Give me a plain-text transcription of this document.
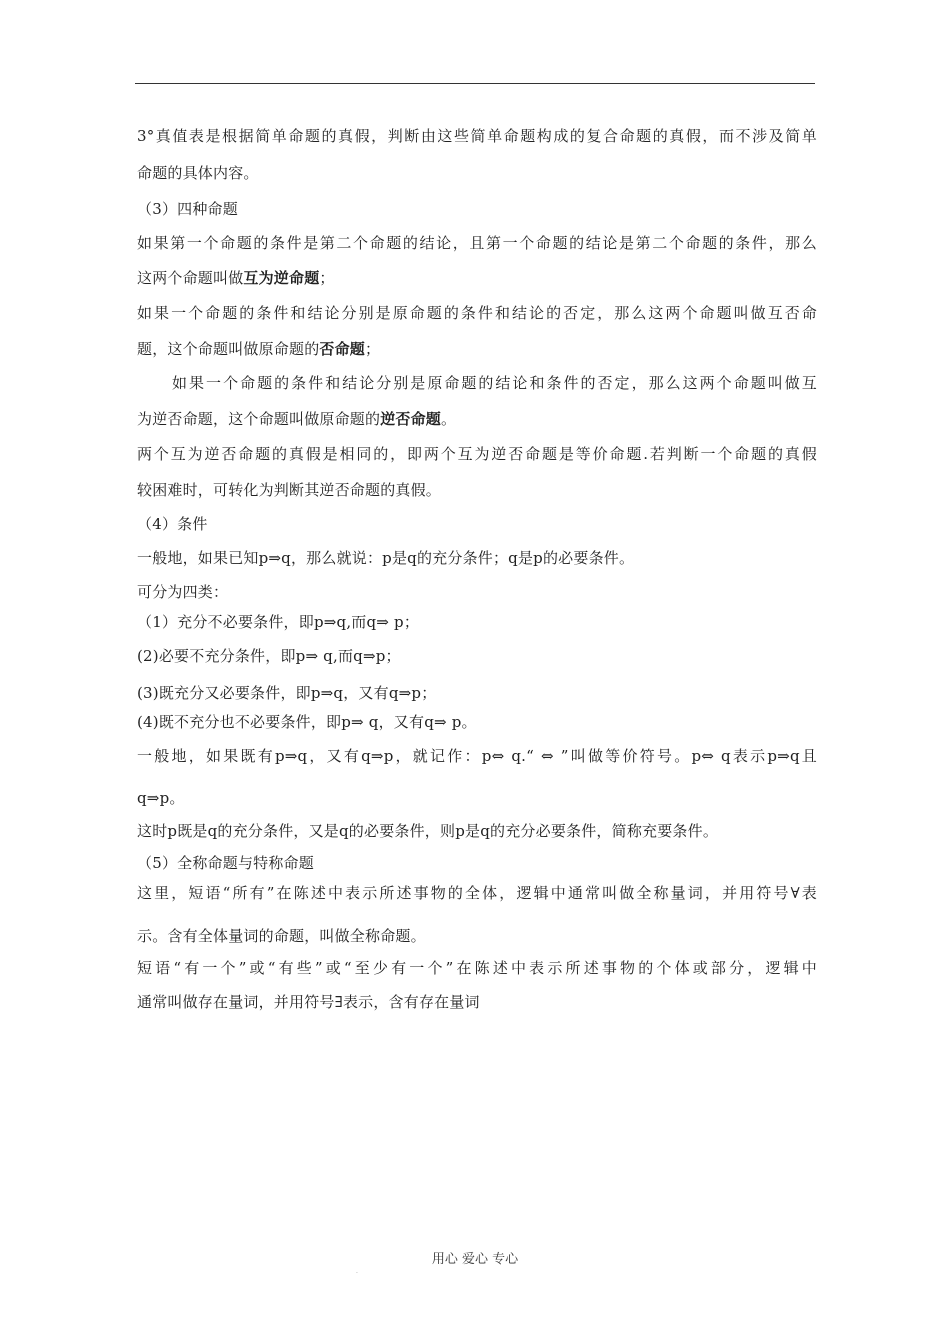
3°真值表是根据简单命题的真假，判断由这些简单命题构成的复合命题的真假，而不涉及简单
命题的具体内容。
（3）四种命题
如果第一个命题的条件是第二个命题的结论，且第一个命题的结论是第二个命题的条件，那么
这两个命题叫做互为逆命题；
如果一个命题的条件和结论分别是原命题的条件和结论的否定，那么这两个命题叫做互否命
题，这个命题叫做原命题的否命题；
如果一个命题的条件和结论分别是原命题的结论和条件的否定，那么这两个命题叫做互
为逆否命题，这个命题叫做原命题的逆否命题。
两个互为逆否命题的真假是相同的，即两个互为逆否命题是等价命题.若判断一个命题的真假
较困难时，可转化为判断其逆否命题的真假。
（4）条件
一般地，如果已知p⇒q，那么就说：p是q的充分条件；q是p的必要条件。
可分为四类：
（1）充分不必要条件，即p⇒q,而q⇒ p；
(2)必要不充分条件，即p⇒ q,而q⇒p；
(3)既充分又必要条件，即p⇒q，又有q⇒p；
(4)既不充分也不必要条件，即p⇒ q，又有q⇒ p。
一般地，如果既有p⇒q，又有q⇒p，就记作：p⇔ q.“ ⇔ ”叫做等价符号。p⇔ q表示p⇒q且
q⇒p。
这时p既是q的充分条件，又是q的必要条件，则p是q的充分必要条件，简称充要条件。
（5）全称命题与特称命题
这里，短语“所有”在陈述中表示所述事物的全体，逻辑中通常叫做全称量词，并用符号∀表
示。含有全体量词的命题，叫做全称命题。
短语“有一个”或“有些”或“至少有一个”在陈述中表示所述事物的个体或部分，逻辑中
通常叫做存在量词，并用符号∃表示，含有存在量词
用心 爱心 专心
.
